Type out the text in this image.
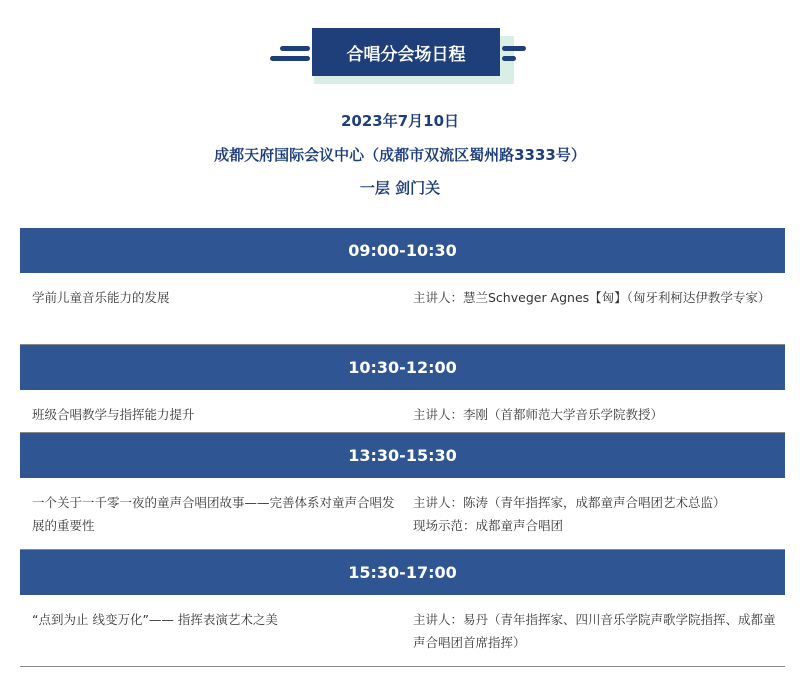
合唱分会场日程
2023年7月10日
成都天府国际会议中心（成都市双流区蜀州路3333号）
一层 剑门关
09:00-10:30
学前儿童音乐能力的发展	主讲人：慧兰Schveger Agnes【匈】（匈牙利柯达伊教学专家）
10:30-12:00
班级合唱教学与指挥能力提升	主讲人：李刚（首都师范大学音乐学院教授）
13:30-15:30
一个关于一千零一夜的童声合唱团故事——完善体系对童声合唱发展的重要性
主讲人：陈涛（青年指挥家，成都童声合唱团艺术总监）
现场示范：成都童声合唱团
15:30-17:00
“点到为止 线变万化”—— 指挥表演艺术之美	主讲人：易丹（青年指挥家、四川音乐学院声歌学院指挥、成都童声合唱团首席指挥）
